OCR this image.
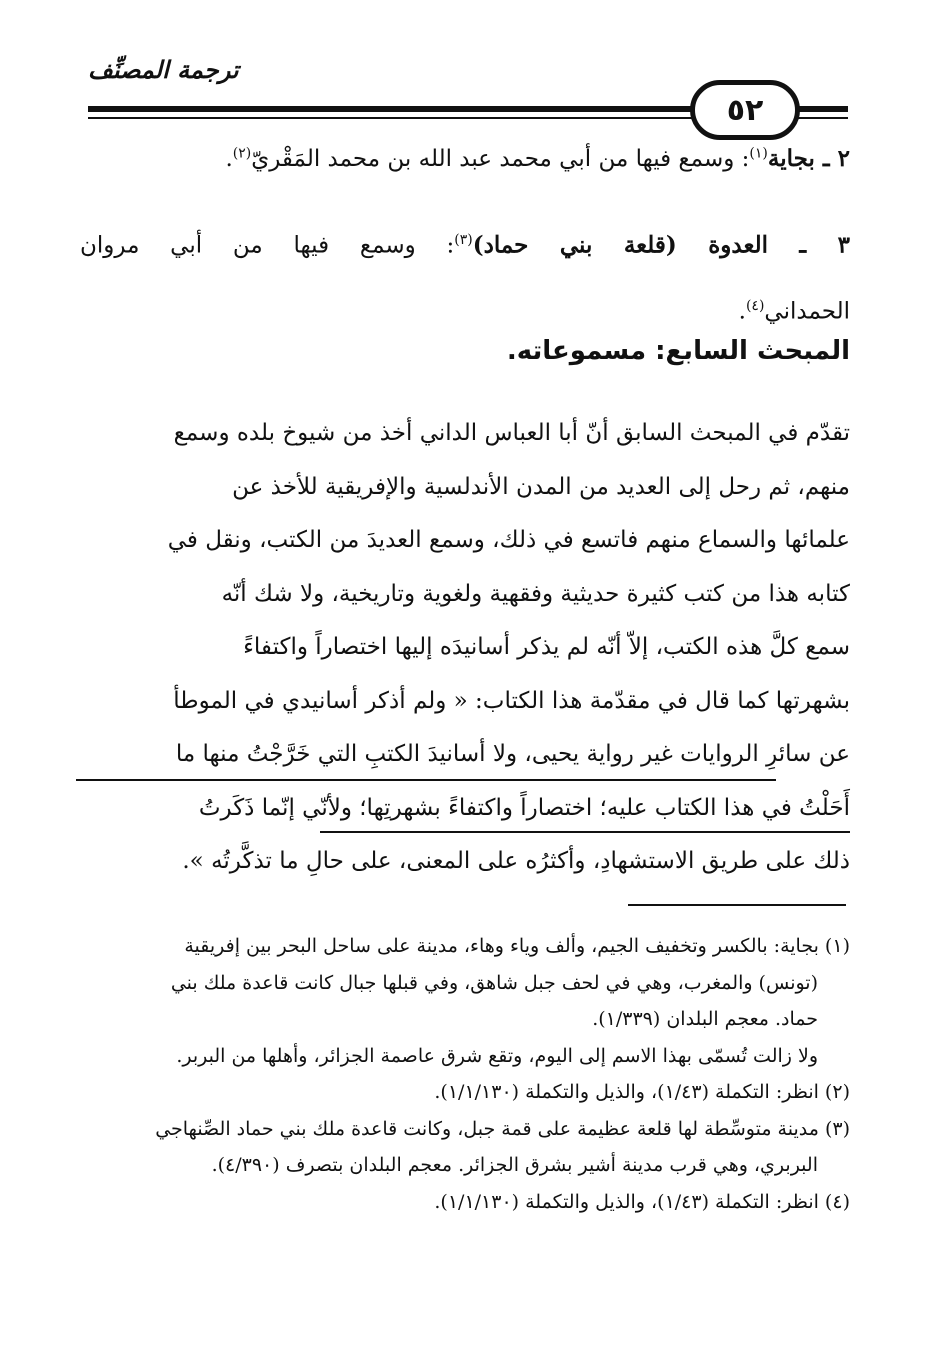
ترجمة المصنِّف
٥٢
٢ ـ بجاية$^{(١)}$: وسمع فيها من أبي محمد عبد الله بن محمد المَقْريّ$^{(٢)}$.
٣ ـ العدوة (قلعة بني حماد)$^{(٣)}$: وسمع فيها من أبي مروان
الحمداني$^{(٤)}$.
المبحث السابع: مسموعاته.
تقدّم في المبحث السابق أنّ أبا العباس الداني أخذ من شيوخ بلده وسمع
منهم، ثم رحل إلى العديد من المدن الأندلسية والإفريقية للأخذ عن
علمائها والسماع منهم فاتسع في ذلك، وسمع العديدَ من الكتب، ونقل في
كتابه هذا من كتب كثيرة حديثية وفقهية ولغوية وتاريخية، ولا شك أنّه
سمع كلَّ هذه الكتب، إلاّ أنّه لم يذكر أسانيدَه إليها اختصاراً واكتفاءً
بشهرتها كما قال في مقدّمة هذا الكتاب: « ولم أذكر أسانيدي في الموطأ
عن سائرِ الروايات غير رواية يحيى، ولا أسانيدَ الكتبِ التي خَرَّجْتُ منها ما
أَحَلْتُ في هذا الكتاب عليه؛ اختصاراً واكتفاءً بشهرتِها؛ ولأنّي إنّما ذَكَرتُ
ذلك على طريق الاستشهادِ، وأكثرُه على المعنى، على حالِ ما تذكَّرتُه ».
(١) بجاية: بالكسر وتخفيف الجيم، وألف وياء وهاء، مدينة على ساحل البحر بين إفريقية
(تونس) والمغرب، وهي في لحف جبل شاهق، وفي قبلها جبال كانت قاعدة ملك بني
حماد. معجم البلدان (١/٣٣٩).
ولا زالت تُسمّى بهذا الاسم إلى اليوم، وتقع شرق عاصمة الجزائر، وأهلها من البربر.
(٢) انظر: التكملة (١/٤٣)، والذيل والتكملة (١/١/١٣٠).
(٣) مدينة متوسِّطة لها قلعة عظيمة على قمة جبل، وكانت قاعدة ملك بني حماد الصِّنهاجي
البربري، وهي قرب مدينة أشير بشرق الجزائر. معجم البلدان بتصرف (٤/٣٩٠).
(٤) انظر: التكملة (١/٤٣)، والذيل والتكملة (١/١/١٣٠).
